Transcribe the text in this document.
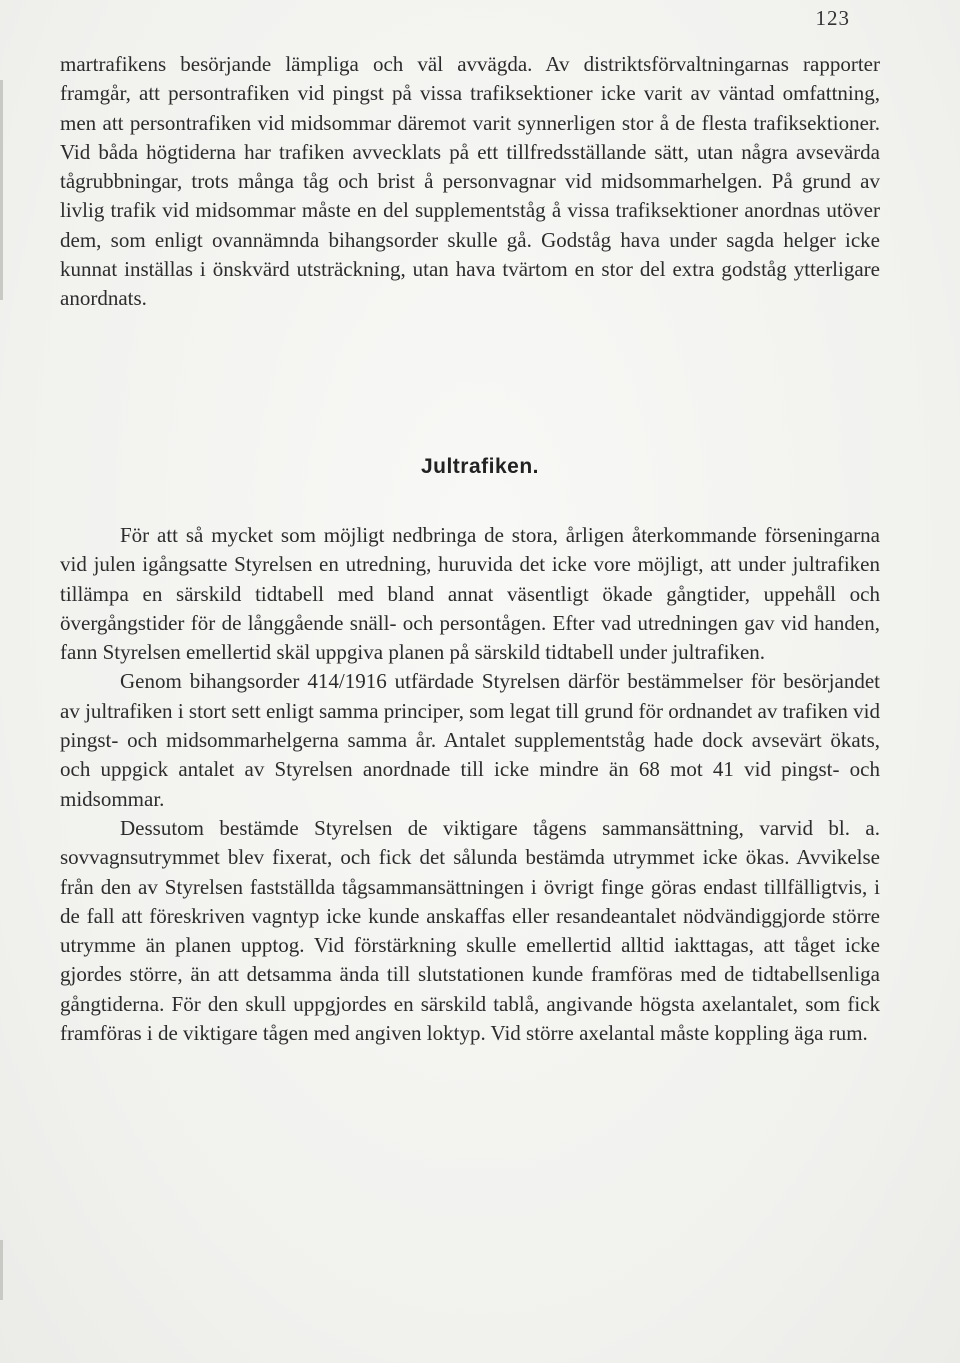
123

martrafikens besörjande lämpliga och väl avvägda. Av distriktsförvaltningarnas rapporter framgår, att persontrafiken vid pingst på vissa trafiksektioner icke varit av väntad omfattning, men att persontrafiken vid midsommar däremot varit synnerligen stor å de flesta trafiksektioner. Vid båda högtiderna har trafiken avvecklats på ett tillfredsställande sätt, utan några avsevärda tågrubbningar, trots många tåg och brist å personvagnar vid midsommarhelgen. På grund av livlig trafik vid midsommar måste en del supplementståg å vissa trafiksektioner anordnas utöver dem, som enligt ovannämnda bihangsorder skulle gå. Godståg hava under sagda helger icke kunnat inställas i önskvärd utsträckning, utan hava tvärtom en stor del extra godståg ytterligare anordnats.

Jultrafiken.

För att så mycket som möjligt nedbringa de stora, årligen återkommande förseningarna vid julen igångsatte Styrelsen en utredning, huruvida det icke vore möjligt, att under jultrafiken tillämpa en särskild tidtabell med bland annat väsentligt ökade gångtider, uppehåll och övergångstider för de långgående snäll- och persontågen. Efter vad utredningen gav vid handen, fann Styrelsen emellertid skäl uppgiva planen på särskild tidtabell under jultrafiken.

Genom bihangsorder 414/1916 utfärdade Styrelsen därför bestämmelser för besörjandet av jultrafiken i stort sett enligt samma principer, som legat till grund för ordnandet av trafiken vid pingst- och midsommarhelgerna samma år. Antalet supplementståg hade dock avsevärt ökats, och uppgick antalet av Styrelsen anordnade till icke mindre än 68 mot 41 vid pingst- och midsommar.

Dessutom bestämde Styrelsen de viktigare tågens sammansättning, varvid bl. a. sovvagnsutrymmet blev fixerat, och fick det sålunda bestämda utrymmet icke ökas. Avvikelse från den av Styrelsen fastställda tågsammansättningen i övrigt finge göras endast tillfälligtvis, i de fall att föreskriven vagntyp icke kunde anskaffas eller resandeantalet nödvändiggjorde större utrymme än planen upptog. Vid förstärkning skulle emellertid alltid iakttagas, att tåget icke gjordes större, än att detsamma ända till slutstationen kunde framföras med de tidtabellsenliga gångtiderna. För den skull uppgjordes en särskild tablå, angivande högsta axelantalet, som fick framföras i de viktigare tågen med angiven loktyp. Vid större axelantal måste koppling äga rum.
